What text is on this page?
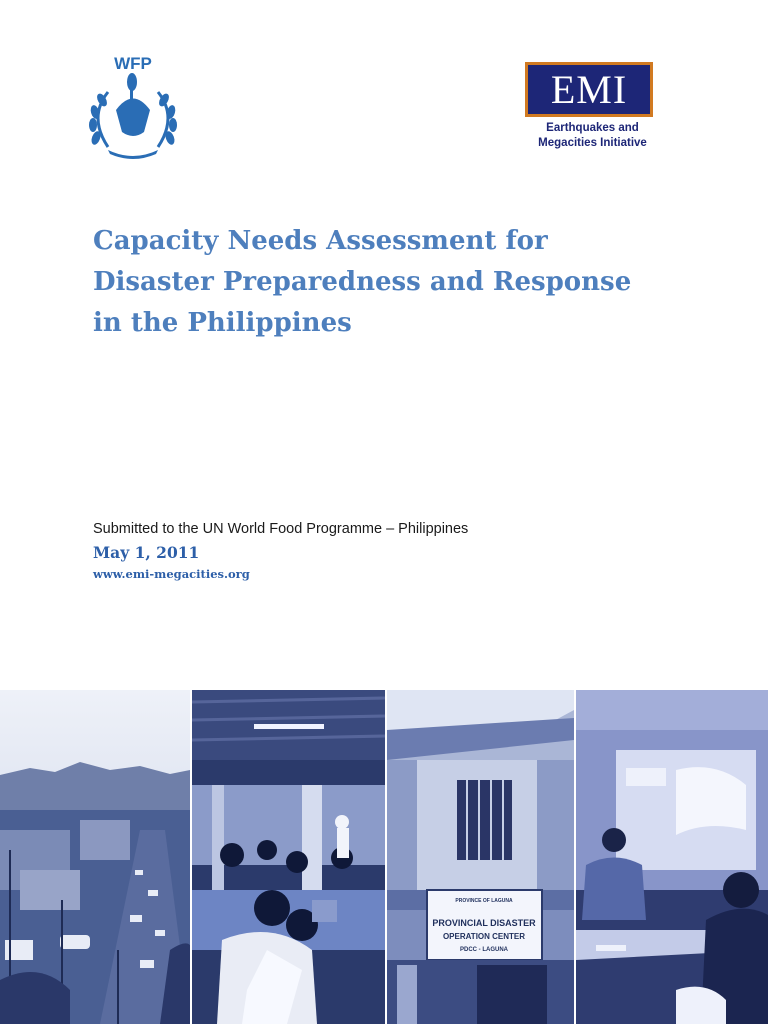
WFP
EMI
Earthquakes and
Megacities Initiative
Capacity Needs Assessment for
Disaster Preparedness and Response
in the Philippines
Submitted to the UN World Food Programme – Philippines
May 1, 2011
www.emi-megacities.org
PROVINCE OF LAGUNA
PROVINCIAL DISASTER
OPERATION CENTER
PDCC - LAGUNA
